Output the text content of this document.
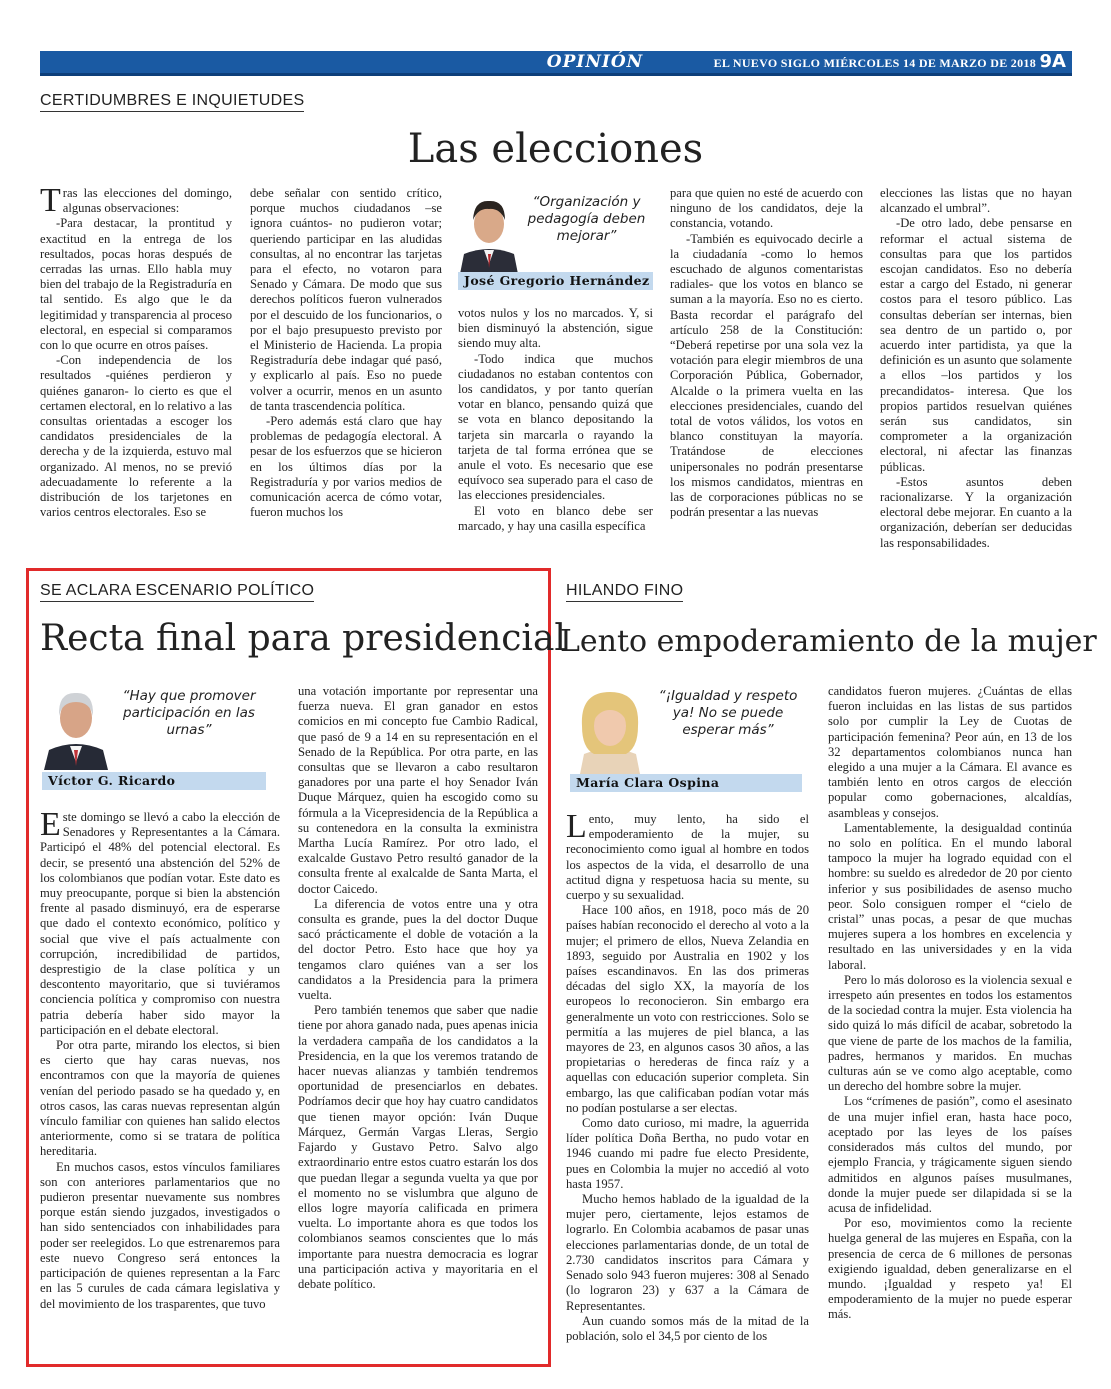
OPINIÓN	EL NUEVO SIGLO MIÉRCOLES 14 DE MARZO DE 2018 9A
CERTIDUMBRES E INQUIETUDES
Las elecciones

Tras las elecciones del domingo, algunas observaciones:

-Para destacar, la prontitud y exactitud en la entrega de los resultados, pocas horas después de cerradas las urnas. Ello habla muy bien del trabajo de la Registraduría en tal sentido. Es algo que le da legitimidad y transparencia al proceso electoral, en especial si comparamos con lo que ocurre en otros países.

-Con independencia de los resultados -quiénes perdieron y quiénes ganaron- lo cierto es que el certamen electoral, en lo relativo a las consultas orientadas a escoger los candidatos presidenciales de la derecha y de la izquierda, estuvo mal organizado. Al menos, no se previó adecuadamente lo referente a la distribución de los tarjetones en varios centros electorales. Eso se

debe señalar con sentido crítico, porque muchos ciudadanos –se ignora cuántos- no pudieron votar; queriendo participar en las aludidas consultas, al no encontrar las tarjetas para el efecto, no votaron para Senado y Cámara. De modo que sus derechos políticos fueron vulnerados por el descuido de los funcionarios, o por el bajo presupuesto previsto por el Ministerio de Hacienda. La propia Registraduría debe indagar qué pasó, y explicarlo al país. Eso no puede volver a ocurrir, menos en un asunto de tanta trascendencia política.

-Pero además está claro que hay problemas de pedagogía electoral. A pesar de los esfuerzos que se hicieron en los últimos días por la Registraduría y por varios medios de comunicación acerca de cómo votar, fueron muchos los

“Organización y pedagogía deben mejorar”
José Gregorio Hernández

votos nulos y los no marcados. Y, si bien disminuyó la abstención, sigue siendo muy alta.

-Todo indica que muchos ciudadanos no estaban contentos con los candidatos, y por tanto querían votar en blanco, pensando quizá que se vota en blanco depositando la tarjeta sin marcarla o rayando la tarjeta de tal forma errónea que se anule el voto. Es necesario que ese equívoco sea superado para el caso de las elecciones presidenciales.

El voto en blanco debe ser marcado, y hay una casilla específica

para que quien no esté de acuerdo con ninguno de los candidatos, deje la constancia, votando.

-También es equivocado decirle a la ciudadanía -como lo hemos escuchado de algunos comentaristas radiales- que los votos en blanco se suman a la mayoría. Eso no es cierto. Basta recordar el parágrafo del artículo 258 de la Constitución: “Deberá repetirse por una sola vez la votación para elegir miembros de una Corporación Pública, Gobernador, Alcalde o la primera vuelta en las elecciones presidenciales, cuando del total de votos válidos, los votos en blanco constituyan la mayoría. Tratándose de elecciones unipersonales no podrán presentarse los mismos candidatos, mientras en las de corporaciones públicas no se podrán presentar a las nuevas

elecciones las listas que no hayan alcanzado el umbral”.

-De otro lado, debe pensarse en reformar el actual sistema de consultas para que los partidos escojan candidatos. Eso no debería estar a cargo del Estado, ni generar costos para el tesoro público. Las consultas deberían ser internas, bien sea dentro de un partido o, por acuerdo inter partidista, ya que la definición es un asunto que solamente a ellos –los partidos y los precandidatos- interesa. Que los propios partidos resuelvan quiénes serán sus candidatos, sin comprometer a la organización electoral, ni afectar las finanzas públicas.

-Estos asuntos deben racionalizarse. Y la organización electoral debe mejorar. En cuanto a la organización, deberían ser deducidas las responsabilidades.

SE ACLARA ESCENARIO POLÍTICO
Recta final para presidencial
“Hay que promover participación en las urnas”
Víctor G. Ricardo

Este domingo se llevó a cabo la elección de Senadores y Representantes a la Cámara. Participó el 48% del potencial electoral. Es decir, se presentó una abstención del 52% de los colombianos que podían votar. Este dato es muy preocupante, porque si bien la abstención frente al pasado disminuyó, era de esperarse que dado el contexto económico, político y social que vive el país actualmente con corrupción, incredibilidad de partidos, desprestigio de la clase política y un descontento mayoritario, que si tuviéramos conciencia política y compromiso con nuestra patria debería haber sido mayor la participación en el debate electoral.

Por otra parte, mirando los electos, si bien es cierto que hay caras nuevas, nos encontramos con que la mayoría de quienes venían del periodo pasado se ha quedado y, en otros casos, las caras nuevas representan algún vínculo familiar con quienes han salido electos anteriormente, como si se tratara de política hereditaria.

En muchos casos, estos vínculos familiares son con anteriores parlamentarios que no pudieron presentar nuevamente sus nombres porque están siendo juzgados, investigados o han sido sentenciados con inhabilidades para poder ser reelegidos. Lo que estrenaremos para este nuevo Congreso será entonces la participación de quienes representan a la Farc en las 5 curules de cada cámara legislativa y del movimiento de los trasparentes, que tuvo

una votación importante por representar una fuerza nueva. El gran ganador en estos comicios en mi concepto fue Cambio Radical, que pasó de 9 a 14 en su representación en el Senado de la República. Por otra parte, en las consultas que se llevaron a cabo resultaron ganadores por una parte el hoy Senador Iván Duque Márquez, quien ha escogido como su fórmula a la Vicepresidencia de la República a su contenedora en la consulta la exministra Martha Lucía Ramírez. Por otro lado, el exalcalde Gustavo Petro resultó ganador de la consulta frente al exalcalde de Santa Marta, el doctor Caicedo.

La diferencia de votos entre una y otra consulta es grande, pues la del doctor Duque sacó prácticamente el doble de votación a la del doctor Petro. Esto hace que hoy ya tengamos claro quiénes van a ser los candidatos a la Presidencia para la primera vuelta.

Pero también tenemos que saber que nadie tiene por ahora ganado nada, pues apenas inicia la verdadera campaña de los candidatos a la Presidencia, en la que los veremos tratando de hacer nuevas alianzas y también tendremos oportunidad de presenciarlos en debates. Podríamos decir que hoy hay cuatro candidatos que tienen mayor opción: Iván Duque Márquez, Germán Vargas Lleras, Sergio Fajardo y Gustavo Petro. Salvo algo extraordinario entre estos cuatro estarán los dos que puedan llegar a segunda vuelta ya que por el momento no se vislumbra que alguno de ellos logre mayoría calificada en primera vuelta. Lo importante ahora es que todos los colombianos seamos conscientes que lo más importante para nuestra democracia es lograr una participación activa y mayoritaria en el debate político.

HILANDO FINO
Lento empoderamiento de la mujer
“¡Igualdad y respeto ya! No se puede esperar más”
María Clara Ospina

Lento, muy lento, ha sido el empoderamiento de la mujer, su reconocimiento como igual al hombre en todos los aspectos de la vida, el desarrollo de una actitud digna y respetuosa hacia su mente, su cuerpo y su sexualidad.

Hace 100 años, en 1918, poco más de 20 países habían reconocido el derecho al voto a la mujer; el primero de ellos, Nueva Zelandia en 1893, seguido por Australia en 1902 y los países escandinavos. En las dos primeras décadas del siglo XX, la mayoría de los europeos lo reconocieron. Sin embargo era generalmente un voto con restricciones. Solo se permitía a las mujeres de piel blanca, a las mayores de 23, en algunos casos 30 años, a las propietarias o herederas de finca raíz y a aquellas con educación superior completa. Sin embargo, las que calificaban podían votar más no podían postularse a ser electas.

Como dato curioso, mi madre, la aguerrida líder política Doña Bertha, no pudo votar en 1946 cuando mi padre fue electo Presidente, pues en Colombia la mujer no accedió al voto hasta 1957.

Mucho hemos hablado de la igualdad de la mujer pero, ciertamente, lejos estamos de lograrlo. En Colombia acabamos de pasar unas elecciones parlamentarias donde, de un total de 2.730 candidatos inscritos para Cámara y Senado solo 943 fueron mujeres: 308 al Senado (lo lograron 23) y 637 a la Cámara de Representantes.

Aun cuando somos más de la mitad de la población, solo el 34,5 por ciento de los

candidatos fueron mujeres. ¿Cuántas de ellas fueron incluidas en las listas de sus partidos solo por cumplir la Ley de Cuotas de participación femenina? Peor aún, en 13 de los 32 departamentos colombianos nunca han elegido a una mujer a la Cámara. El avance es también lento en otros cargos de elección popular como gobernaciones, alcaldías, asambleas y consejos.

Lamentablemente, la desigualdad continúa no solo en política. En el mundo laboral tampoco la mujer ha logrado equidad con el hombre: su sueldo es alrededor de 20 por ciento inferior y sus posibilidades de asenso mucho peor. Solo consiguen romper el “cielo de cristal” unas pocas, a pesar de que muchas mujeres supera a los hombres en excelencia y resultado en las universidades y en la vida laboral.

Pero lo más doloroso es la violencia sexual e irrespeto aún presentes en todos los estamentos de la sociedad contra la mujer. Esta violencia ha sido quizá lo más difícil de acabar, sobretodo la que viene de parte de los machos de la familia, padres, hermanos y maridos. En muchas culturas aún se ve como algo aceptable, como un derecho del hombre sobre la mujer.

Los “crímenes de pasión”, como el asesinato de una mujer infiel eran, hasta hace poco, aceptado por las leyes de los países considerados más cultos del mundo, por ejemplo Francia, y trágicamente siguen siendo admitidos en algunos países musulmanes, donde la mujer puede ser dilapidada si se la acusa de infidelidad.

Por eso, movimientos como la reciente huelga general de las mujeres en España, con la presencia de cerca de 6 millones de personas exigiendo igualdad, deben generalizarse en el mundo. ¡Igualdad y respeto ya! El empoderamiento de la mujer no puede esperar más.
